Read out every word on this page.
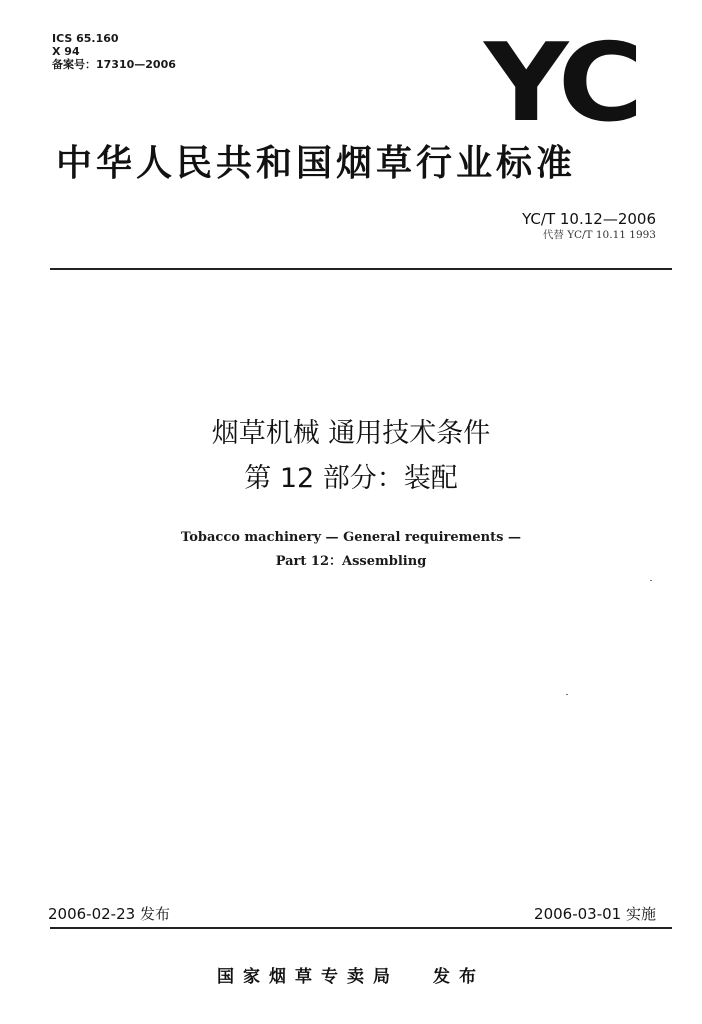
ICS 65.160
X 94
备案号：17310—2006	YC
中华人民共和国烟草行业标准
YC/T 10.12—2006
代替 YC/T 10.11 1993
烟草机械 通用技术条件
第 12 部分：装配
Tobacco machinery — General requirements —
Part 12：Assembling
2006-02-23 发布	2006-03-01 实施
国家烟草专卖局 发布
